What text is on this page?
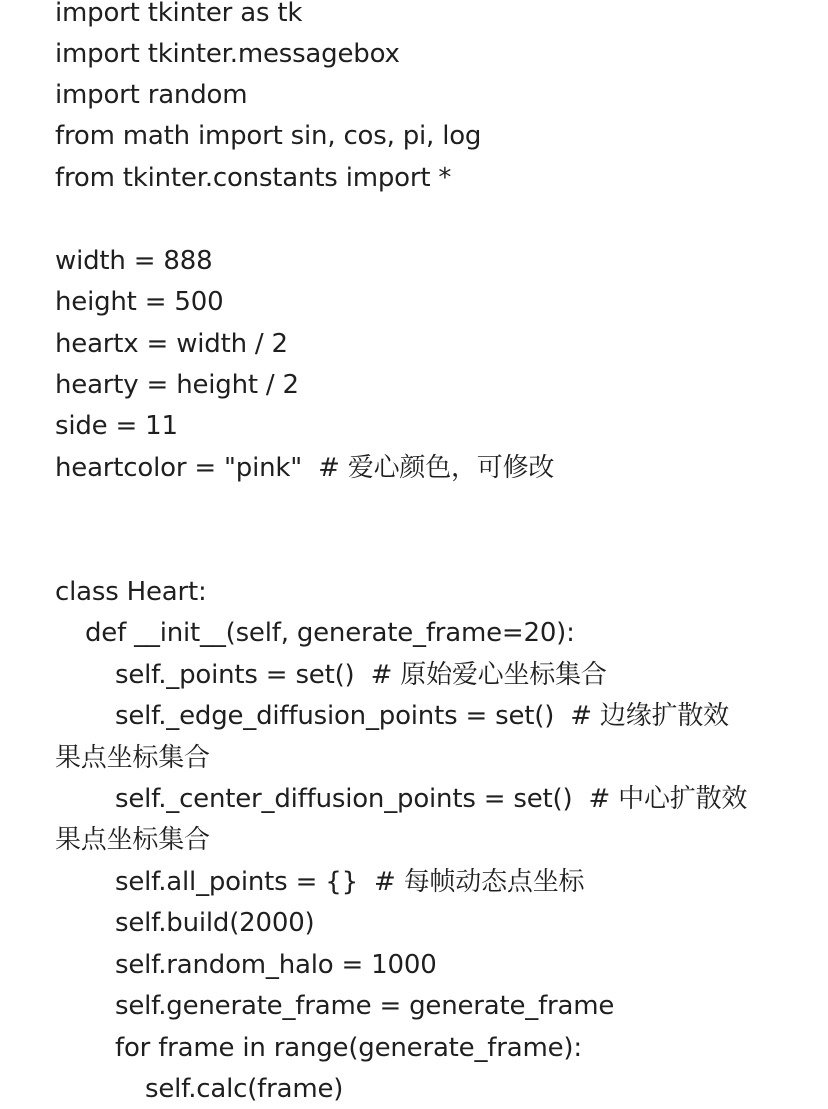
import tkinter as tk
import tkinter.messagebox
import random
from math import sin, cos, pi, log
from tkinter.constants import *
width = 888
height = 500
heartx = width / 2
hearty = height / 2
side = 11
heartcolor = "pink"  # 爱心颜色，可修改
class Heart:
def __init__(self, generate_frame=20):
self._points = set()  # 原始爱心坐标集合
self._edge_diffusion_points = set()  # 边缘扩散效
果点坐标集合
self._center_diffusion_points = set()  # 中心扩散效
果点坐标集合
self.all_points = {}  # 每帧动态点坐标
self.build(2000)
self.random_halo = 1000
self.generate_frame = generate_frame
for frame in range(generate_frame):
self.calc(frame)
